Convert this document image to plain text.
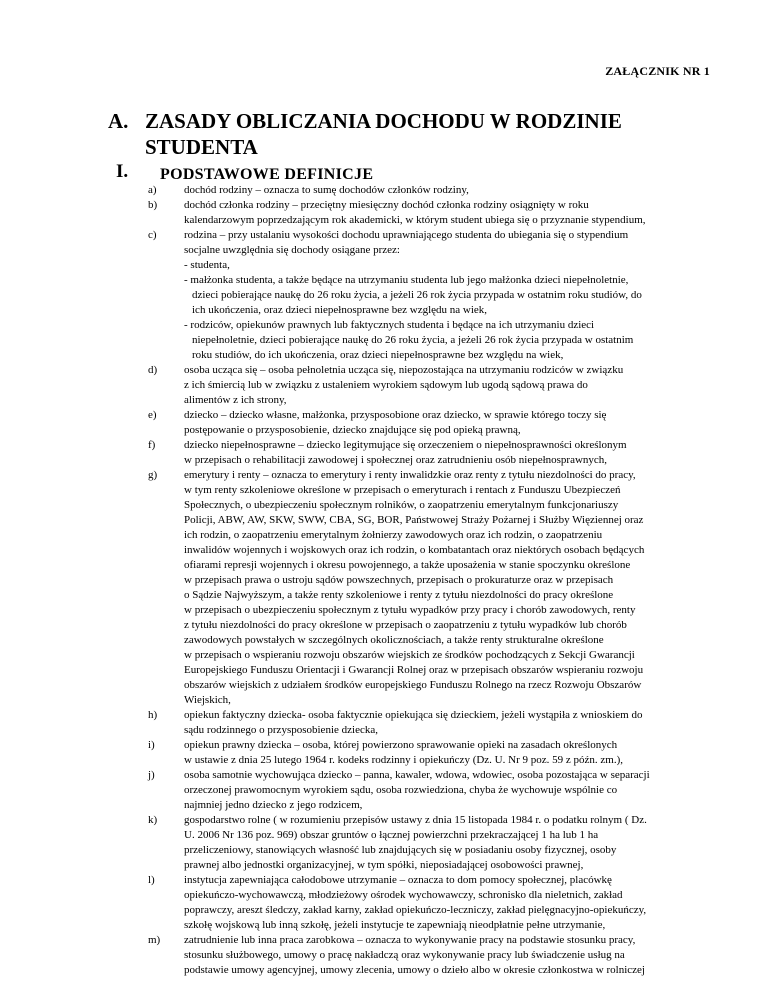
ZAŁĄCZNIK NR 1
A. ZASADY OBLICZANIA DOCHODU W RODZINIE
STUDENTA
I. PODSTAWOWE DEFINICJE
a) dochód rodziny – oznacza to sumę dochodów członków rodziny,
b) dochód członka rodziny – przeciętny miesięczny dochód członka rodziny osiągnięty w roku
kalendarzowym poprzedzającym rok akademicki, w którym student ubiega się o przyznanie stypendium,
c) rodzina – przy ustalaniu wysokości dochodu uprawniającego studenta do ubiegania się o stypendium
socjalne uwzględnia się dochody osiągane przez:
- studenta,
- małżonka studenta, a także będące na utrzymaniu studenta lub jego małżonka dzieci niepełnoletnie,
dzieci pobierające naukę do 26 roku życia, a jeżeli 26 rok życia przypada w ostatnim roku studiów, do
ich ukończenia, oraz dzieci niepełnosprawne bez względu na wiek,
- rodziców, opiekunów prawnych lub faktycznych studenta i będące na ich utrzymaniu dzieci
niepełnoletnie, dzieci pobierające naukę do 26 roku życia, a jeżeli 26 rok życia przypada w ostatnim
roku studiów, do ich ukończenia, oraz dzieci niepełnosprawne bez względu na wiek,
d) osoba ucząca się – osoba pełnoletnia ucząca się, niepozostająca na utrzymaniu rodziców w związku
z ich śmiercią lub w związku z ustaleniem wyrokiem sądowym lub ugodą sądową prawa do
alimentów z ich strony,
e) dziecko – dziecko własne, małżonka, przysposobione oraz dziecko, w sprawie którego toczy się
postępowanie o przysposobienie, dziecko znajdujące się pod opieką prawną,
f)	dziecko niepełnosprawne – dziecko legitymujące się orzeczeniem o niepełnosprawności określonym
w przepisach o rehabilitacji zawodowej i społecznej oraz zatrudnieniu osób niepełnosprawnych,
g) emerytury i renty – oznacza to emerytury i renty inwalidzkie oraz renty z tytułu niezdolności do pracy,
w tym renty szkoleniowe określone w przepisach o emeryturach i rentach z Funduszu Ubezpieczeń
Społecznych, o ubezpieczeniu społecznym rolników, o zaopatrzeniu emerytalnym funkcjonariuszy
Policji, ABW, AW, SKW, SWW, CBA, SG, BOR, Państwowej Straży Pożarnej i Służby Więziennej oraz
ich rodzin, o zaopatrzeniu emerytalnym żołnierzy zawodowych oraz ich rodzin, o zaopatrzeniu
inwalidów wojennych i wojskowych oraz ich rodzin, o kombatantach oraz niektórych osobach będących
ofiarami represji wojennych i okresu powojennego, a także uposażenia w stanie spoczynku określone
w przepisach prawa o ustroju sądów powszechnych, przepisach o prokuraturze oraz w przepisach
o Sądzie Najwyższym, a także renty szkoleniowe i renty z tytułu niezdolności do pracy określone
w przepisach o ubezpieczeniu społecznym z tytułu wypadków przy pracy i chorób zawodowych, renty
z tytułu niezdolności do pracy określone w przepisach o zaopatrzeniu z tytułu wypadków lub chorób
zawodowych powstałych w szczególnych okolicznościach, a także renty strukturalne określone
w przepisach o wspieraniu rozwoju obszarów wiejskich ze środków pochodzących z Sekcji Gwarancji
Europejskiego Funduszu Orientacji i Gwarancji Rolnej oraz w przepisach obszarów wspieraniu rozwoju
obszarów wiejskich z udziałem środków europejskiego Funduszu Rolnego na rzecz Rozwoju Obszarów
Wiejskich,
h) opiekun faktyczny dziecka- osoba faktycznie opiekująca się dzieckiem, jeżeli wystąpiła z wnioskiem do
sądu rodzinnego o przysposobienie dziecka,
i)	opiekun prawny dziecka – osoba, której powierzono sprawowanie opieki na zasadach określonych
w ustawie z dnia 25 lutego 1964 r. kodeks rodzinny i opiekuńczy (Dz. U. Nr 9 poz. 59 z późn. zm.),
j)	osoba samotnie wychowująca dziecko – panna, kawaler, wdowa, wdowiec, osoba pozostająca w separacji
orzeczonej prawomocnym wyrokiem sądu, osoba rozwiedziona, chyba że wychowuje wspólnie co
najmniej jedno dziecko z jego rodzicem,
k) gospodarstwo rolne ( w rozumieniu przepisów ustawy z dnia 15 listopada 1984 r. o podatku rolnym ( Dz.
U. 2006 Nr 136 poz. 969) obszar gruntów o łącznej powierzchni przekraczającej 1 ha lub 1 ha
przeliczeniowy, stanowiących własność lub znajdujących się w posiadaniu osoby fizycznej, osoby
prawnej albo jednostki organizacyjnej, w tym spółki, nieposiadającej osobowości prawnej,
l)	instytucja zapewniająca całodobowe utrzymanie – oznacza to dom pomocy społecznej, placówkę
opiekuńczo-wychowawczą, młodzieżowy ośrodek wychowawczy, schronisko dla nieletnich, zakład
poprawczy, areszt śledczy, zakład karny, zakład opiekuńczo-leczniczy, zakład pielęgnacyjno-opiekuńczy,
szkołę wojskową lub inną szkołę, jeżeli instytucje te zapewniają nieodpłatnie pełne utrzymanie,
m) zatrudnienie lub inna praca zarobkowa – oznacza to wykonywanie pracy na podstawie stosunku pracy,
stosunku służbowego, umowy o pracę nakładczą oraz wykonywanie pracy lub świadczenie usług na
podstawie umowy agencyjnej, umowy zlecenia, umowy o dzieło albo w okresie członkostwa w rolniczej
